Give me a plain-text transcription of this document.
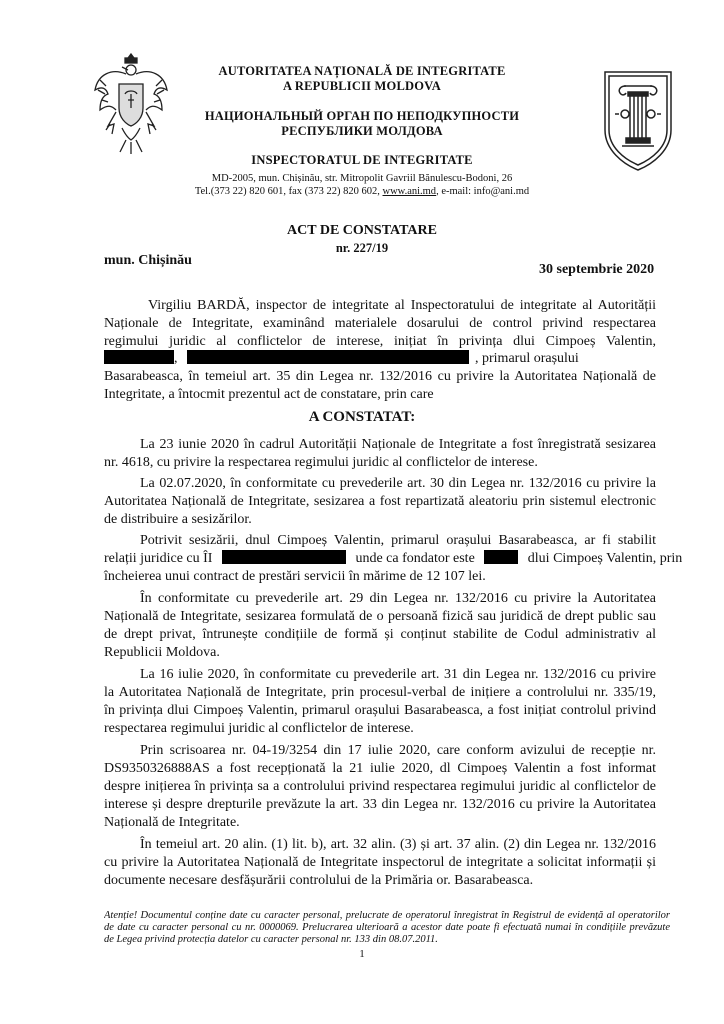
AUTORITATEA NAȚIONALĂ DE INTEGRITATE
A REPUBLICII MOLDOVA
НАЦИОНАЛЬНЫЙ ОРГАН ПО НЕПОДКУПНОСТИ
РЕСПУБЛИКИ МОЛДОВА
INSPECTORATUL DE INTEGRITATE
MD-2005, mun. Chișinău, str. Mitropolit Gavriil Bănulescu-Bodoni, 26
Tel.(373 22) 820 601, fax (373 22) 820 602, www.ani.md, e-mail: info@ani.md
ACT DE CONSTATARE
nr. 227/19
mun. Chișinău
30 septembrie 2020
Virgiliu BARDĂ, inspector de integritate al Inspectoratului de integritate al Autorității
Naționale de Integritate, examinând materialele dosarului de control privind respectarea
regimului juridic al conflictelor de interese, inițiat în privința dlui Cimpoeș Valentin,
,	, primarul orașului
Basarabeasca, în temeiul art. 35 din Legea nr. 132/2016 cu privire la Autoritatea Națională de
Integritate, a întocmit prezentul act de constatare, prin care
A CONSTATAT:
La 23 iunie 2020 în cadrul Autorității Naționale de Integritate a fost înregistrată sesizarea
nr. 4618, cu privire la respectarea regimului juridic al conflictelor de interese.
La 02.07.2020, în conformitate cu prevederile art. 30 din Legea nr. 132/2016 cu privire la
Autoritatea Națională de Integritate, sesizarea a fost repartizată aleatoriu prin sistemul electronic
de distribuire a sesizărilor.
Potrivit sesizării, dnul Cimpoeș Valentin, primarul orașului Basarabeasca, ar fi stabilit
relații juridice cu ÎI	unde ca fondator este	dlui Cimpoeș Valentin, prin
încheierea unui contract de prestări servicii în mărime de 12 107 lei.
În conformitate cu prevederile art. 29 din Legea nr. 132/2016 cu privire la Autoritatea
Națională de Integritate, sesizarea formulată de o persoană fizică sau juridică de drept public sau
de drept privat, întrunește condițiile de formă și conținut stabilite de Codul administrativ al
Republicii Moldova.
La 16 iulie 2020, în conformitate cu prevederile art. 31 din Legea nr. 132/2016 cu privire
la Autoritatea Națională de Integritate, prin procesul-verbal de inițiere a controlului nr. 335/19,
în privința dlui Cimpoeș Valentin, primarul orașului Basarabeasca, a fost inițiat controlul privind
respectarea regimului juridic al conflictelor de interese.
Prin scrisoarea nr. 04-19/3254 din 17 iulie 2020, care conform avizului de recepție nr.
DS9350326888AS a fost recepționată la 21 iulie 2020, dl Cimpoeș Valentin a fost informat
despre inițierea în privința sa a controlului privind respectarea regimului juridic al conflictelor de
interese și despre drepturile prevăzute la art. 33 din Legea nr. 132/2016 cu privire la Autoritatea
Națională de Integritate.
În temeiul art. 20 alin. (1) lit. b), art. 32 alin. (3) și art. 37 alin. (2) din Legea nr. 132/2016
cu privire la Autoritatea Națională de Integritate inspectorul de integritate a solicitat informații și
documente necesare desfășurării controlului de la Primăria or. Basarabeasca.
Atenție! Documentul conține date cu caracter personal, prelucrate de operatorul înregistrat în Registrul de evidență al operatorilor
de date cu caracter personal cu nr. 0000069. Prelucrarea ulterioară a acestor date poate fi efectuată numai în condițiile prevăzute
de Legea privind protecția datelor cu caracter personal nr. 133 din 08.07.2011.
1
